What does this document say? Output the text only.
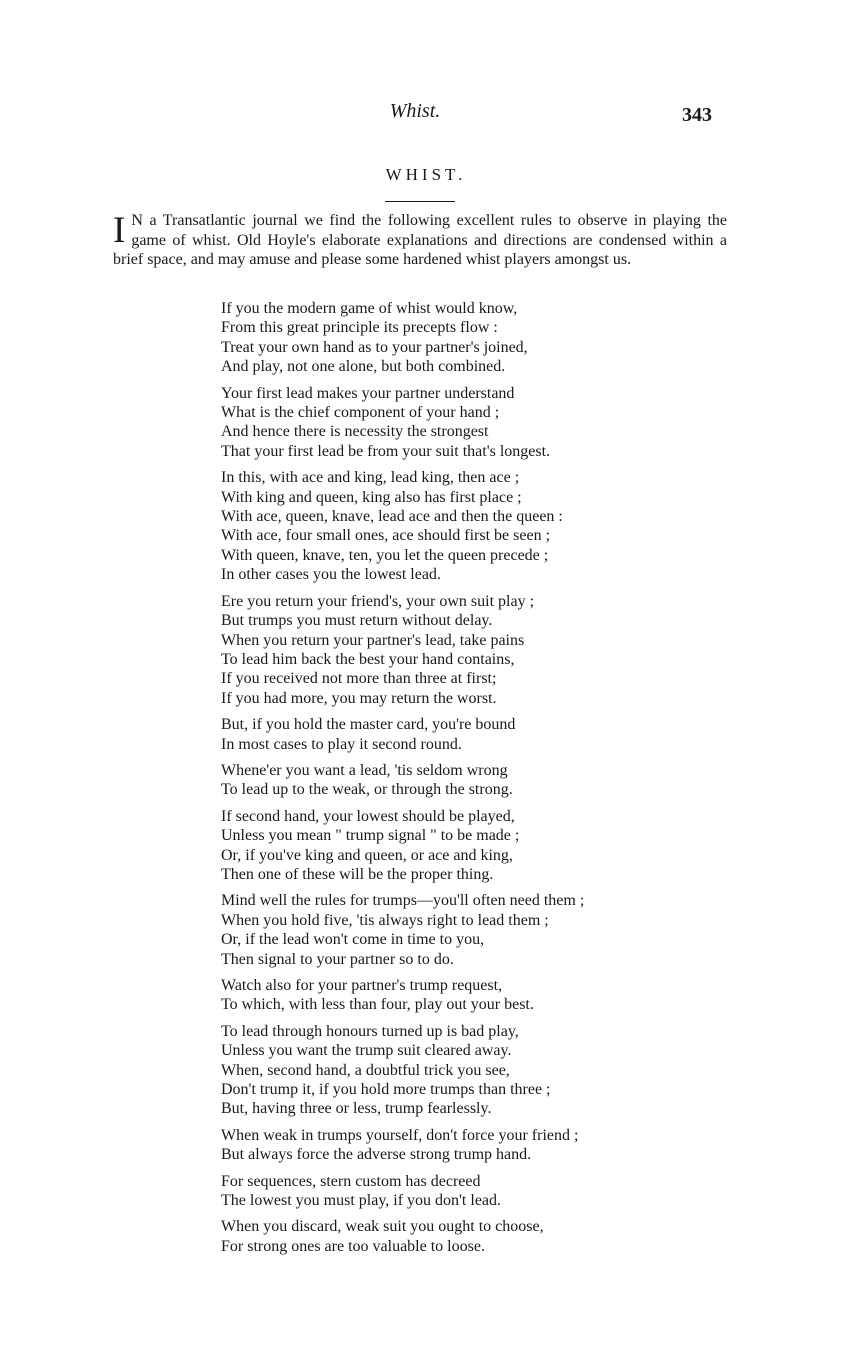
Whist.	343
WHIST.

I N a Transatlantic journal we find the following excellent rules to observe in playing the game of whist. Old Hoyle's elaborate explanations and directions are condensed within a brief space, and may amuse and please some hardened whist players amongst us.

If you the modern game of whist would know,
From this great principle its precepts flow :
Treat your own hand as to your partner's joined,
And play, not one alone, but both combined.
Your first lead makes your partner understand
What is the chief component of your hand ;
And hence there is necessity the strongest
That your first lead be from your suit that's longest.
In this, with ace and king, lead king, then ace ;
With king and queen, king also has first place ;
With ace, queen, knave, lead ace and then the queen :
With ace, four small ones, ace should first be seen ;
With queen, knave, ten, you let the queen precede ;
In other cases you the lowest lead.
Ere you return your friend's, your own suit play ;
But trumps you must return without delay.
When you return your partner's lead, take pains
To lead him back the best your hand contains,
If you received not more than three at first;
If you had more, you may return the worst.
But, if you hold the master card, you're bound
In most cases to play it second round.
Whene'er you want a lead, 'tis seldom wrong
To lead up to the weak, or through the strong.
If second hand, your lowest should be played,
Unless you mean " trump signal " to be made ;
Or, if you've king and queen, or ace and king,
Then one of these will be the proper thing.
Mind well the rules for trumps—you'll often need them ;
When you hold five, 'tis always right to lead them ;
Or, if the lead won't come in time to you,
Then signal to your partner so to do.
Watch also for your partner's trump request,
To which, with less than four, play out your best.
To lead through honours turned up is bad play,
Unless you want the trump suit cleared away.
When, second hand, a doubtful trick you see,
Don't trump it, if you hold more trumps than three ;
But, having three or less, trump fearlessly.
When weak in trumps yourself, don't force your friend ;
But always force the adverse strong trump hand.
For sequences, stern custom has decreed
The lowest you must play, if you don't lead.
When you discard, weak suit you ought to choose,
For strong ones are too valuable to loose.
